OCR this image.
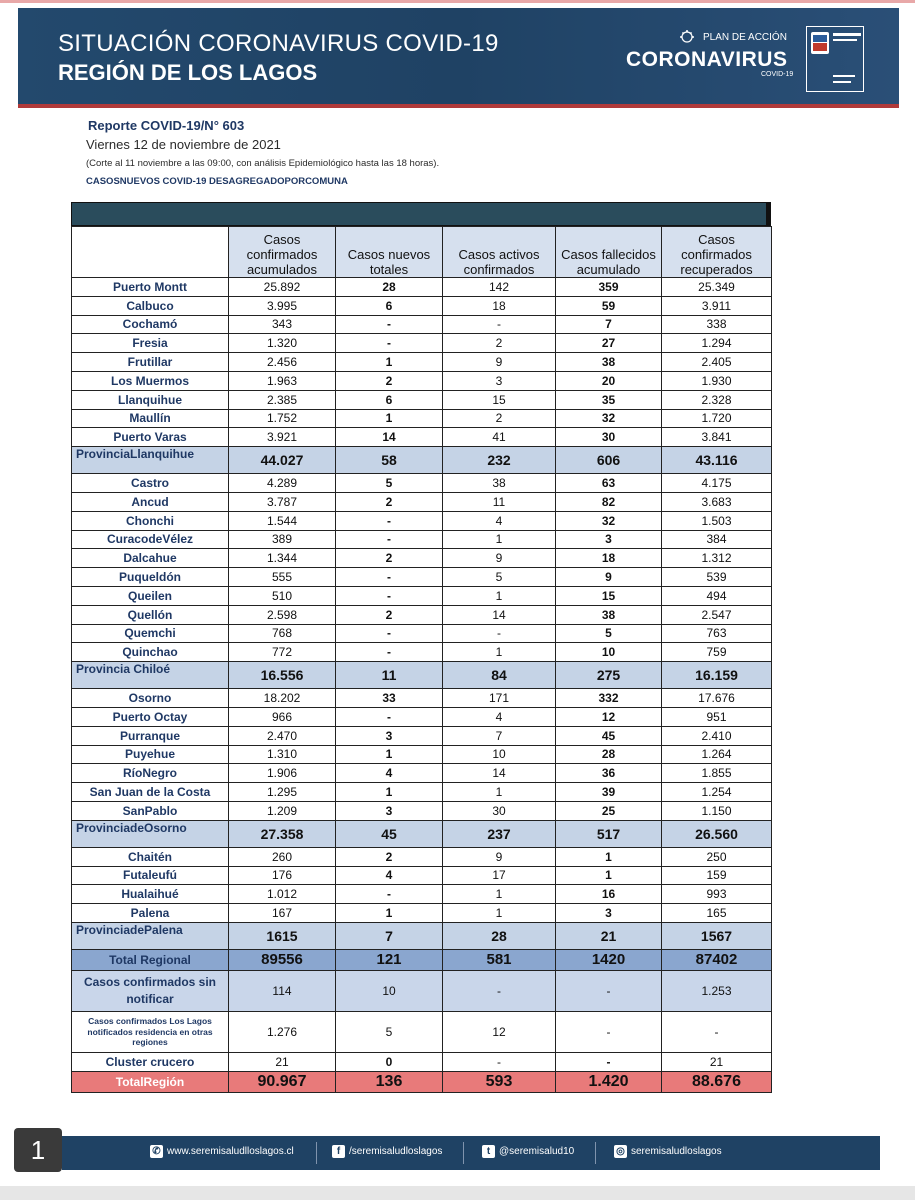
SITUACIÓN CORONAVIRUS COVID-19
REGIÓN DE LOS LAGOS
PLAN DE ACCIÓN
CORONAVIRUS
COVID-19
Reporte COVID-19/N° 603
Viernes 12 de noviembre de 2021
(Corte al 11 noviembre a las 09:00, con análisis Epidemiológico hasta las 18 horas).
CASOSNUEVOS COVID-19 DESAGREGADOPORCOMUNA
	Casos confirmados acumulados	Casos nuevos totales	Casos activos confirmados	Casos fallecidos acumulado	Casos confirmados recuperados
Puerto Montt	25.892	28	142	359	25.349
Calbuco	3.995	6	18	59	3.911
Cochamó	343	-	-	7	338
Fresia	1.320	-	2	27	1.294
Frutillar	2.456	1	9	38	2.405
Los Muermos	1.963	2	3	20	1.930
Llanquihue	2.385	6	15	35	2.328
Maullín	1.752	1	2	32	1.720
Puerto Varas	3.921	14	41	30	3.841
ProvinciaLlanquihue	44.027	58	232	606	43.116
Castro	4.289	5	38	63	4.175
Ancud	3.787	2	11	82	3.683
Chonchi	1.544	-	4	32	1.503
CuracodeVélez	389	-	1	3	384
Dalcahue	1.344	2	9	18	1.312
Puqueldón	555	-	5	9	539
Queilen	510	-	1	15	494
Quellón	2.598	2	14	38	2.547
Quemchi	768	-	-	5	763
Quinchao	772	-	1	10	759
Provincia Chiloé	16.556	11	84	275	16.159
Osorno	18.202	33	171	332	17.676
Puerto Octay	966	-	4	12	951
Purranque	2.470	3	7	45	2.410
Puyehue	1.310	1	10	28	1.264
RíoNegro	1.906	4	14	36	1.855
San Juan de la Costa	1.295	1	1	39	1.254
SanPablo	1.209	3	30	25	1.150
ProvinciadeOsorno	27.358	45	237	517	26.560
Chaitén	260	2	9	1	250
Futaleufú	176	4	17	1	159
Hualaihué	1.012	-	1	16	993
Palena	167	1	1	3	165
ProvinciadePalena	1615	7	28	21	1567
Total Regional	89556	121	581	1420	87402
Casos confirmados sin notificar	114	10	-	-	1.253
Casos confirmados Los Lagos notificados residencia en otras regiones	1.276	5	12	-	-
Cluster crucero	21	0	-	-	21
TotalRegión	90.967	136	593	1.420	88.676
1	✆ www.seremisaludlloslagos.cl	f /seremisaludloslagos	t @seremisalud10	◎ seremisaludloslagos
